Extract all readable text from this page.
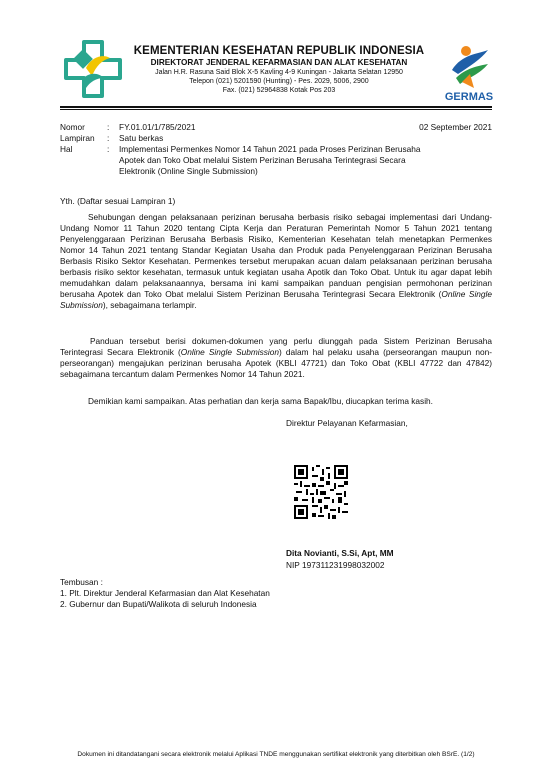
KEMENTERIAN KESEHATAN REPUBLIK INDONESIA
DIREKTORAT JENDERAL KEFARMASIAN DAN ALAT KESEHATAN
Jalan H.R. Rasuna Said Blok X-5 Kavling 4-9 Kuningan - Jakarta Selatan 12950
Telepon (021) 5201590 (Hunting) - Pes. 2029, 5006, 2900
Fax. (021) 52964838 Kotak Pos 203
GERMAS
02 September 2021
Nomor	:	FY.01.01/1/785/2021
Lampiran	:	Satu berkas
Hal	:	Implementasi Permenkes Nomor 14 Tahun 2021 pada Proses Perizinan Berusaha Apotek dan Toko Obat melalui Sistem Perizinan Berusaha Terintegrasi Secara Elektronik (Online Single Submission)
Yth. (Daftar sesuai Lampiran 1)
Sehubungan dengan pelaksanaan perizinan berusaha berbasis risiko sebagai implementasi dari Undang-Undang Nomor 11 Tahun 2020 tentang Cipta Kerja dan Peraturan Pemerintah Nomor 5 Tahun 2021 tentang Penyelenggaraan Perizinan Berusaha Berbasis Risiko, Kementerian Kesehatan telah menetapkan Permenkes Nomor 14 Tahun 2021 tentang Standar Kegiatan Usaha dan Produk pada Penyelenggaraan Perizinan Berusaha Berbasis Risiko Sektor Kesehatan. Permenkes tersebut merupakan acuan dalam pelaksanaan perizinan berusaha berbasis risiko sektor kesehatan, termasuk untuk kegiatan usaha Apotik dan Toko Obat. Untuk itu agar dapat lebih memudahkan dalam pelaksanaannya, bersama ini kami sampaikan panduan pengisian permohonan perizinan berusaha Apotek dan Toko Obat melalui Sistem Perizinan Berusaha Terintegrasi Secara Elektronik (Online Single Submission), sebagaimana terlampir.
Panduan tersebut berisi dokumen-dokumen yang perlu diunggah pada Sistem Perizinan Berusaha Terintegrasi Secara Elektronik (Online Single Submission) dalam hal pelaku usaha (perseorangan maupun non-perseorangan) mengajukan perizinan berusaha Apotek (KBLI 47721) dan Toko Obat (KBLI 47722 dan 47842) sebagaimana tercantum dalam Permenkes Nomor 14 Tahun 2021.
Demikian kami sampaikan. Atas perhatian dan kerja sama Bapak/Ibu, diucapkan terima kasih.
Direktur Pelayanan Kefarmasian,
Dita Novianti, S.Si, Apt, MM
NIP 197311231998032002
Tembusan :
1. Plt. Direktur Jenderal Kefarmasian dan Alat Kesehatan
2. Gubernur dan Bupati/Walikota di seluruh Indonesia
Dokumen ini ditandatangani secara elektronik melalui Aplikasi TNDE menggunakan sertifikat elektronik yang diterbitkan oleh BSrE. (1/2)
